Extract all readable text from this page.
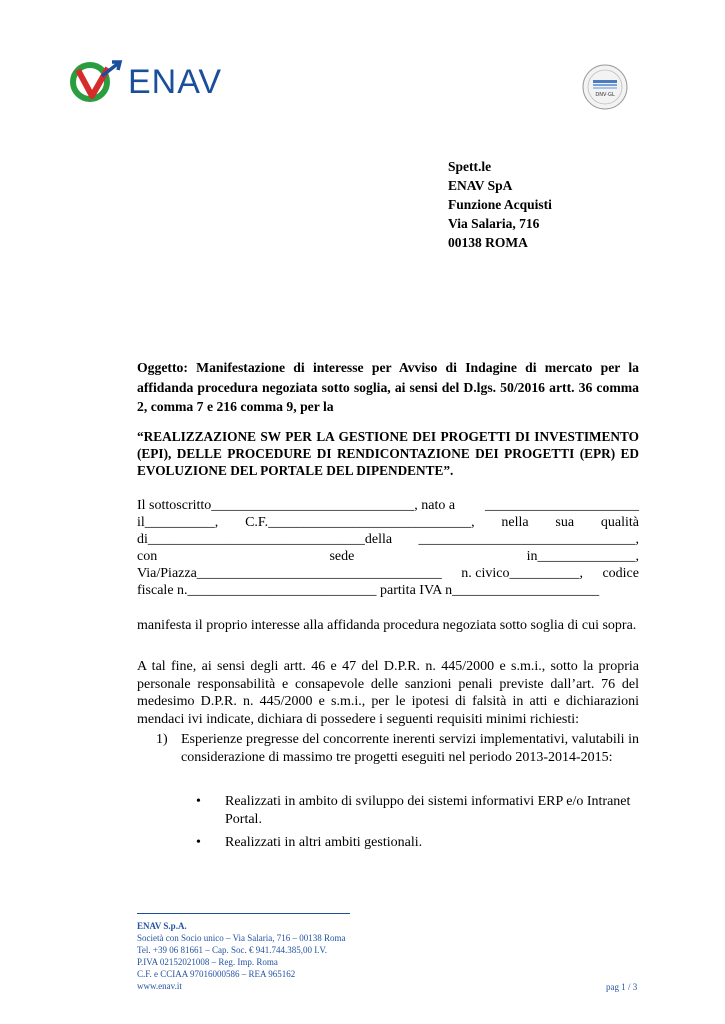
ENAV	DNV·GL
Spett.le
ENAV SpA
Funzione Acquisti
Via Salaria, 716
00138 ROMA
Oggetto: Manifestazione di interesse per Avviso di Indagine di mercato per la affidanda procedura negoziata sotto soglia, ai sensi del D.lgs. 50/2016 artt. 36 comma 2, comma 7 e 216 comma 9, per la
“REALIZZAZIONE SW PER LA GESTIONE DEI PROGETTI DI INVESTIMENTO (EPI), DELLE PROCEDURE DI RENDICONTAZIONE DEI PROGETTI (EPR) ED EVOLUZIONE DEL PORTALE DEL DIPENDENTE”.
Il sottoscritto_____________________________, nato a ______________________
il__________, C.F._____________________________, nella sua qualità
di_______________________________della _______________________________,
con	sede	in______________,
Via/Piazza___________________________________ n. civico__________, codice
fiscale n.___________________________ partita IVA n_____________________
manifesta il proprio interesse alla affidanda procedura negoziata sotto soglia di cui sopra.
A tal fine, ai sensi degli artt. 46 e 47 del D.P.R. n. 445/2000 e s.m.i., sotto la propria personale responsabilità e consapevole delle sanzioni penali previste dall’art. 76 del medesimo D.P.R. n. 445/2000 e s.m.i., per le ipotesi di falsità in atti e dichiarazioni mendaci ivi indicate, dichiara di possedere i seguenti requisiti minimi richiesti:
1) Esperienze pregresse del concorrente inerenti servizi implementativi, valutabili in considerazione di massimo tre progetti eseguiti nel periodo 2013-2014-2015:
• Realizzati in ambito di sviluppo dei sistemi informativi ERP e/o Intranet Portal.
• Realizzati in altri ambiti gestionali.
ENAV S.p.A.
Società con Socio unico – Via Salaria, 716 – 00138 Roma
Tel. +39 06 81661 – Cap. Soc. € 941.744.385,00 I.V.
P.IVA 02152021008 – Reg. Imp. Roma
C.F. e CCIAA 97016000586 – REA 965162
www.enav.it	pag 1 / 3
